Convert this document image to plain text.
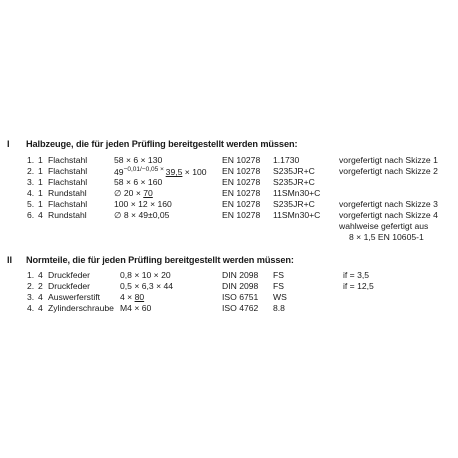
I Halbzeuge, die für jeden Prüfling bereitgestellt werden müssen:
1. 1 Flachstahl	58 × 6 × 130	EN 10278 1.1730	vorgefertigt nach Skizze 1
2. 1 Flachstahl	$49^{-0,01/-0,05 \times}$ 39,5 × 100 EN 10278 S235JR+C	vorgefertigt nach Skizze 2
3. 1 Flachstahl	58 × 6 × 160	EN 10278 S235JR+C
4. 1 Rundstahl	∅ 20 × 70	EN 10278 11SMn30+C
5. 1 Flachstahl	100 × 12 × 160	EN 10278 S235JR+C	vorgefertigt nach Skizze 3
6. 4 Rundstahl	∅ 8 × 49±0,05	EN 10278 11SMn30+C vorgefertigt nach Skizze 4
wahlweise gefertigt aus
8 × 1,5 EN 10605-1
II Normteile, die für jeden Prüfling bereitgestellt werden müssen:
1. 4 Druckfeder	0,8 × 10 × 20	DIN 2098 FS	if = 3,5
2. 2 Druckfeder	0,5 × 6,3 × 44	DIN 2098 FS	if = 12,5
3. 4 Auswerferstift 4 × 80	ISO 6751 WS
4. 4 Zylinderschraube M4 × 60	ISO 4762 8.8
